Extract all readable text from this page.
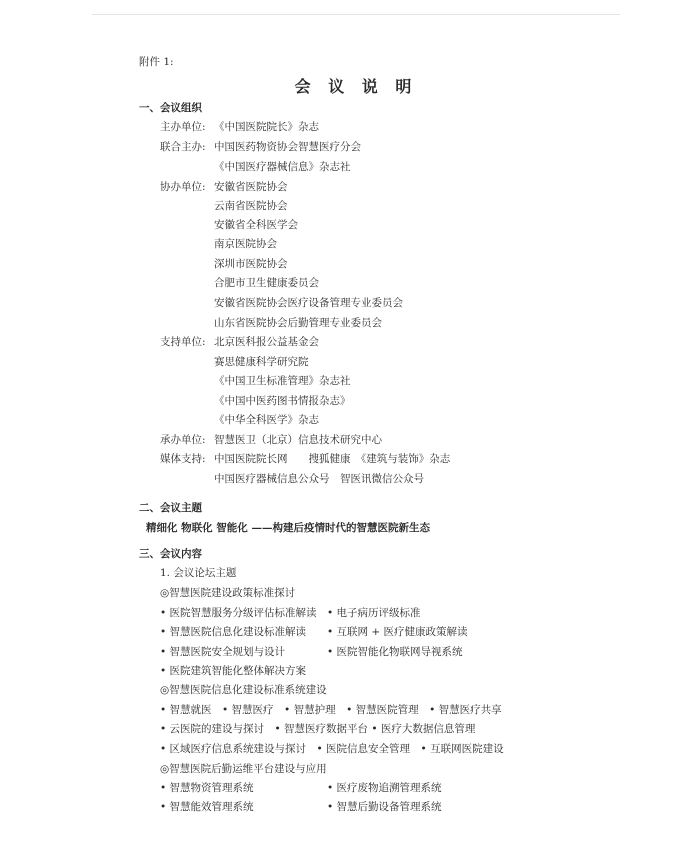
附件 1:
会 议 说 明
一、会议组织
主办单位: 《中国医院院长》杂志
联合主办: 中国医药物资协会智慧医疗分会
《中国医疗器械信息》杂志社
协办单位: 安徽省医院协会
云南省医院协会
安徽省全科医学会
南京医院协会
深圳市医院协会
合肥市卫生健康委员会
安徽省医院协会医疗设备管理专业委员会
山东省医院协会后勤管理专业委员会
支持单位: 北京医科报公益基金会
赛思健康科学研究院
《中国卫生标准管理》杂志社
《中国中医药图书情报杂志》
《中华全科医学》杂志
承办单位: 智慧医卫（北京）信息技术研究中心
媒体支持: 中国医院院长网　　搜狐健康　《建筑与装饰》杂志
中国医疗器械信息公众号　智医讯微信公众号
二、会议主题
精细化 物联化 智能化 ——构建后疫情时代的智慧医院新生态
三、会议内容
1. 会议论坛主题
◎智慧医院建设政策标准探讨
• 医院智慧服务分级评估标准解读　• 电子病历评级标准
• 智慧医院信息化建设标准解读　　• 互联网 + 医疗健康政策解读
• 智慧医院安全规划与设计　　　　• 医院智能化物联网导视系统
• 医院建筑智能化整体解决方案
◎智慧医院信息化建设标准系统建设
• 智慧就医　• 智慧医疗　• 智慧护理　• 智慧医院管理　• 智慧医疗共享
• 云医院的建设与探讨　• 智慧医疗数据平台 • 医疗大数据信息管理
• 区域医疗信息系统建设与探讨　• 医院信息安全管理　• 互联网医院建设
◎智慧医院后勤运维平台建设与应用
• 智慧物资管理系统　　　　　　　• 医疗废物追溯管理系统
• 智慧能效管理系统　　　　　　　• 智慧后勤设备管理系统
